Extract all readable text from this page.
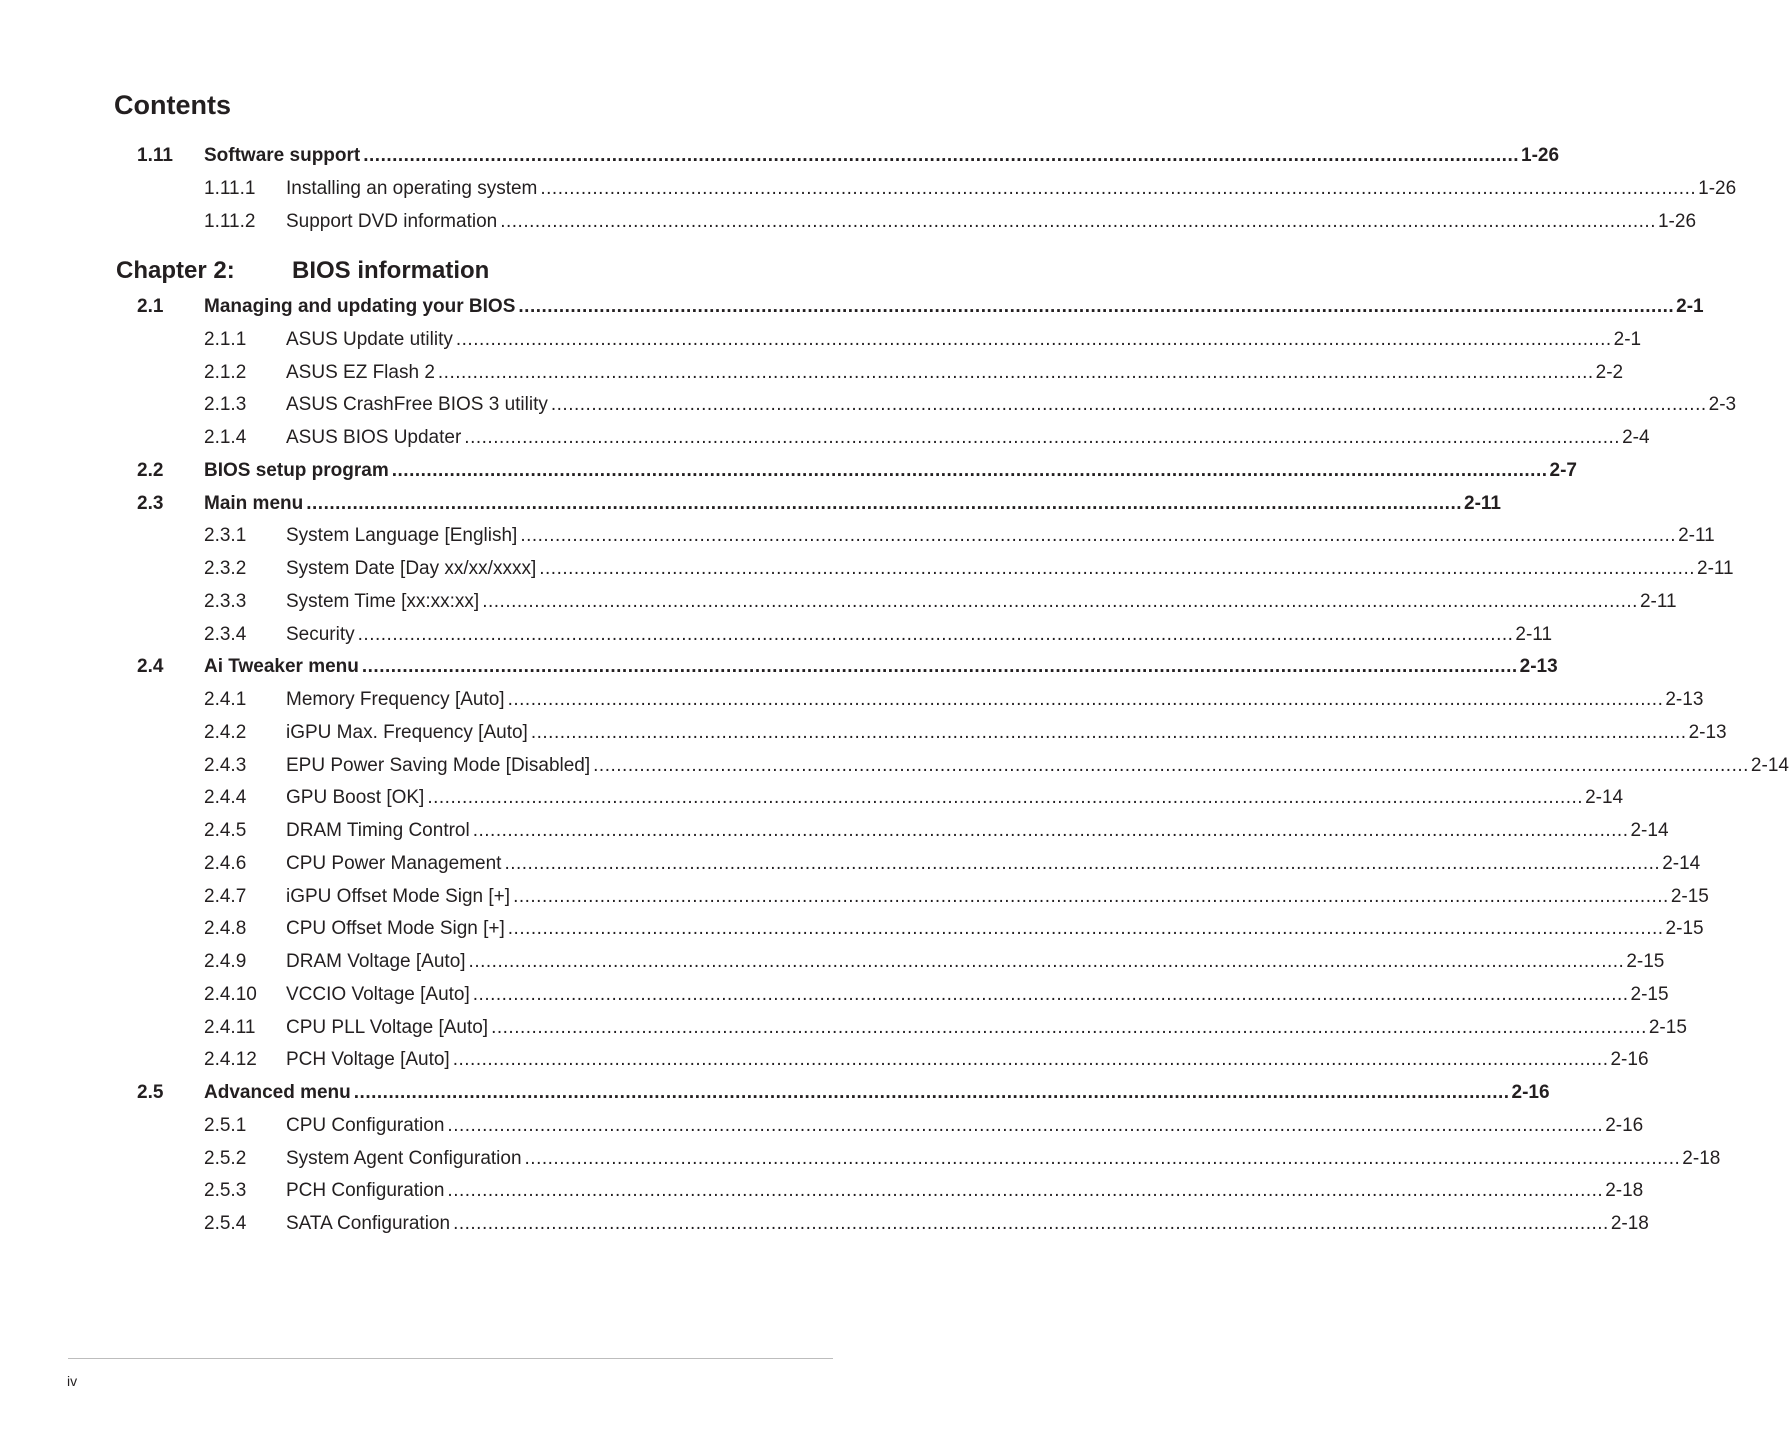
Contents
1.11 Software support ........................................................................................................................................................................................................ 1-26
1.11.1 Installing an operating system ........................................................................................................................................................................................................ 1-26
1.11.2 Support DVD information ........................................................................................................................................................................................................ 1-26
Chapter 2: BIOS information
2.1 Managing and updating your BIOS ........................................................................................................................................................................................................ 2-1
2.1.1 ASUS Update utility ........................................................................................................................................................................................................ 2-1
2.1.2 ASUS EZ Flash 2 ........................................................................................................................................................................................................ 2-2
2.1.3 ASUS CrashFree BIOS 3 utility ........................................................................................................................................................................................................ 2-3
2.1.4 ASUS BIOS Updater ........................................................................................................................................................................................................ 2-4
2.2 BIOS setup program ........................................................................................................................................................................................................ 2-7
2.3 Main menu ........................................................................................................................................................................................................ 2-11
2.3.1 System Language [English] ........................................................................................................................................................................................................ 2-11
2.3.2 System Date [Day xx/xx/xxxx] ........................................................................................................................................................................................................ 2-11
2.3.3 System Time [xx:xx:xx] ........................................................................................................................................................................................................ 2-11
2.3.4 Security ........................................................................................................................................................................................................ 2-11
2.4 Ai Tweaker menu ........................................................................................................................................................................................................ 2-13
2.4.1 Memory Frequency [Auto] ........................................................................................................................................................................................................ 2-13
2.4.2 iGPU Max. Frequency [Auto] ........................................................................................................................................................................................................ 2-13
2.4.3 EPU Power Saving Mode [Disabled] ........................................................................................................................................................................................................ 2-14
2.4.4 GPU Boost [OK] ........................................................................................................................................................................................................ 2-14
2.4.5 DRAM Timing Control ........................................................................................................................................................................................................ 2-14
2.4.6 CPU Power Management ........................................................................................................................................................................................................ 2-14
2.4.7 iGPU Offset Mode Sign [+] ........................................................................................................................................................................................................ 2-15
2.4.8 CPU Offset Mode Sign [+] ........................................................................................................................................................................................................ 2-15
2.4.9 DRAM Voltage [Auto] ........................................................................................................................................................................................................ 2-15
2.4.10 VCCIO Voltage [Auto] ........................................................................................................................................................................................................ 2-15
2.4.11 CPU PLL Voltage [Auto] ........................................................................................................................................................................................................ 2-15
2.4.12 PCH Voltage [Auto] ........................................................................................................................................................................................................ 2-16
2.5 Advanced menu ........................................................................................................................................................................................................ 2-16
2.5.1 CPU Configuration ........................................................................................................................................................................................................ 2-16
2.5.2 System Agent Configuration ........................................................................................................................................................................................................ 2-18
2.5.3 PCH Configuration ........................................................................................................................................................................................................ 2-18
2.5.4 SATA Configuration ........................................................................................................................................................................................................ 2-18
iv
